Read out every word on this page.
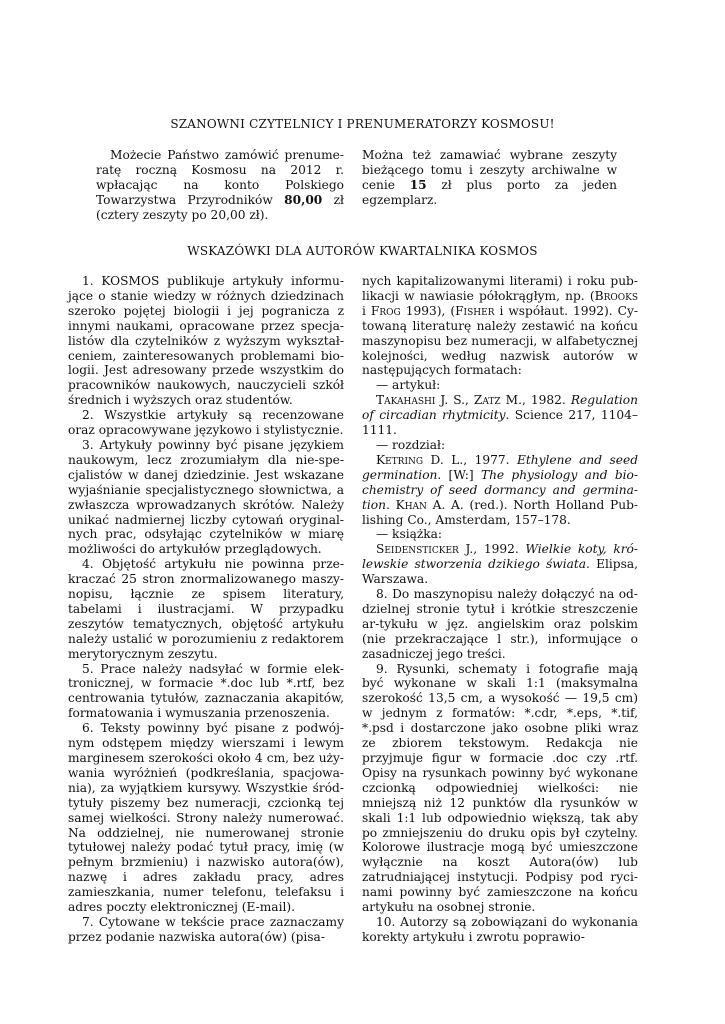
SZANOWNI CZYTELNICY I PRENUMERATORZY KOSMOSU!

Możecie Państwo zamówić prenumeratę roczną Kosmosu na 2012 r. wpłacając na konto Polskiego Towarzystwa Przyrodników 80,00 zł (cztery zeszyty po 20,00 zł).

Można też zamawiać wybrane zeszyty bieżącego tomu i zeszyty archiwalne w cenie 15 zł plus porto za jeden egzemplarz.

WSKAZÓWKI DLA AUTORÓW KWARTALNIKA KOSMOS

1. KOSMOS publikuje artykuły informujące o stanie wiedzy w różnych dziedzinach szeroko pojętej biologii i jej pogranicza z innymi naukami, opracowane przez specjalistów dla czytelników z wyższym wykształceniem, zainteresowanych problemami biologii. Jest adresowany przede wszystkim do pracowników naukowych, nauczycieli szkół średnich i wyższych oraz studentów.

2. Wszystkie artykuły są recenzowane oraz opracowywane językowo i stylistycznie.

3. Artykuły powinny być pisane językiem naukowym, lecz zrozumiałym dla nie-specjalistów w danej dziedzinie. Jest wskazane wyjaśnianie specjalistycznego słownictwa, a zwłaszcza wprowadzanych skrótów. Należy unikać nadmiernej liczby cytowań oryginalnych prac, odsyłając czytelników w miarę możliwości do artykułów przeglądowych.

4. Objętość artykułu nie powinna przekraczać 25 stron znormalizowanego maszynopisu, łącznie ze spisem literatury, tabelami i ilustracjami. W przypadku zeszytów tematycznych, objętość artykułu należy ustalić w porozumieniu z redaktorem merytorycznym zeszytu.

5. Prace należy nadsyłać w formie elektronicznej, w formacie *.doc lub *.rtf, bez centrowania tytułów, zaznaczania akapitów, formatowania i wymuszania przenoszenia.

6. Teksty powinny być pisane z podwójnym odstępem między wierszami i lewym marginesem szerokości około 4 cm, bez używania wyróżnień (podkreślania, spacjowania), za wyjątkiem kursywy. Wszystkie śródtytuły piszemy bez numeracji, czcionką tej samej wielkości. Strony należy numerować. Na oddzielnej, nie numerowanej stronie tytułowej należy podać tytuł pracy, imię (w pełnym brzmieniu) i nazwisko autora(ów), nazwę i adres zakładu pracy, adres zamieszkania, numer telefonu, telefaksu i adres poczty elektronicznej (E-mail).

7. Cytowane w tekście prace zaznaczamy przez podanie nazwiska autora(ów) (pisa-

nych kapitalizowanymi literami) i roku publikacji w nawiasie półokrągłym, np. (Brooks i Frog 1993), (Fisher i współaut. 1992). Cytowaną literaturę należy zestawić na końcu maszynopisu bez numeracji, w alfabetycznej kolejności, według nazwisk autorów w następujących formatach:

— artykuł:

Takahashi J. S., Zatz M., 1982. Regulation of circadian rhytmicity. Science 217, 1104–1111.

— rozdział:

Ketring D. L., 1977. Ethylene and seed germination. [W:] The physiology and biochemistry of seed dormancy and germination. Khan A. A. (red.). North Holland Publishing Co., Amsterdam, 157–178.

— książka:

Seidensticker J., 1992. Wielkie koty, królewskie stworzenia dzikiego świata. Elipsa, Warszawa.

8. Do maszynopisu należy dołączyć na oddzielnej stronie tytuł i krótkie streszczenie ar-tykułu w jęz. angielskim oraz polskim (nie przekraczające l str.), informujące o zasadniczej jego treści.

9. Rysunki, schematy i fotografie mają być wykonane w skali 1:1 (maksymalna szerokość 13,5 cm, a wysokość — 19,5 cm) w jednym z formatów: *.cdr, *.eps, *.tif, *.psd i dostarczone jako osobne pliki wraz ze zbiorem tekstowym. Redakcja nie przyjmuje figur w formacie .doc czy .rtf. Opisy na rysunkach powinny być wykonane czcionką odpowiedniej wielkości: nie mniejszą niż 12 punktów dla rysunków w skali 1:1 lub odpowiednio większą, tak aby po zmniejszeniu do druku opis był czytelny. Kolorowe ilustracje mogą być umieszczone wyłącznie na koszt Autora(ów) lub zatrudniającej instytucji. Podpisy pod rycinami powinny być zamieszczone na końcu artykułu na osobnej stronie.

10. Autorzy są zobowiązani do wykonania korekty artykułu i zwrotu poprawio-
